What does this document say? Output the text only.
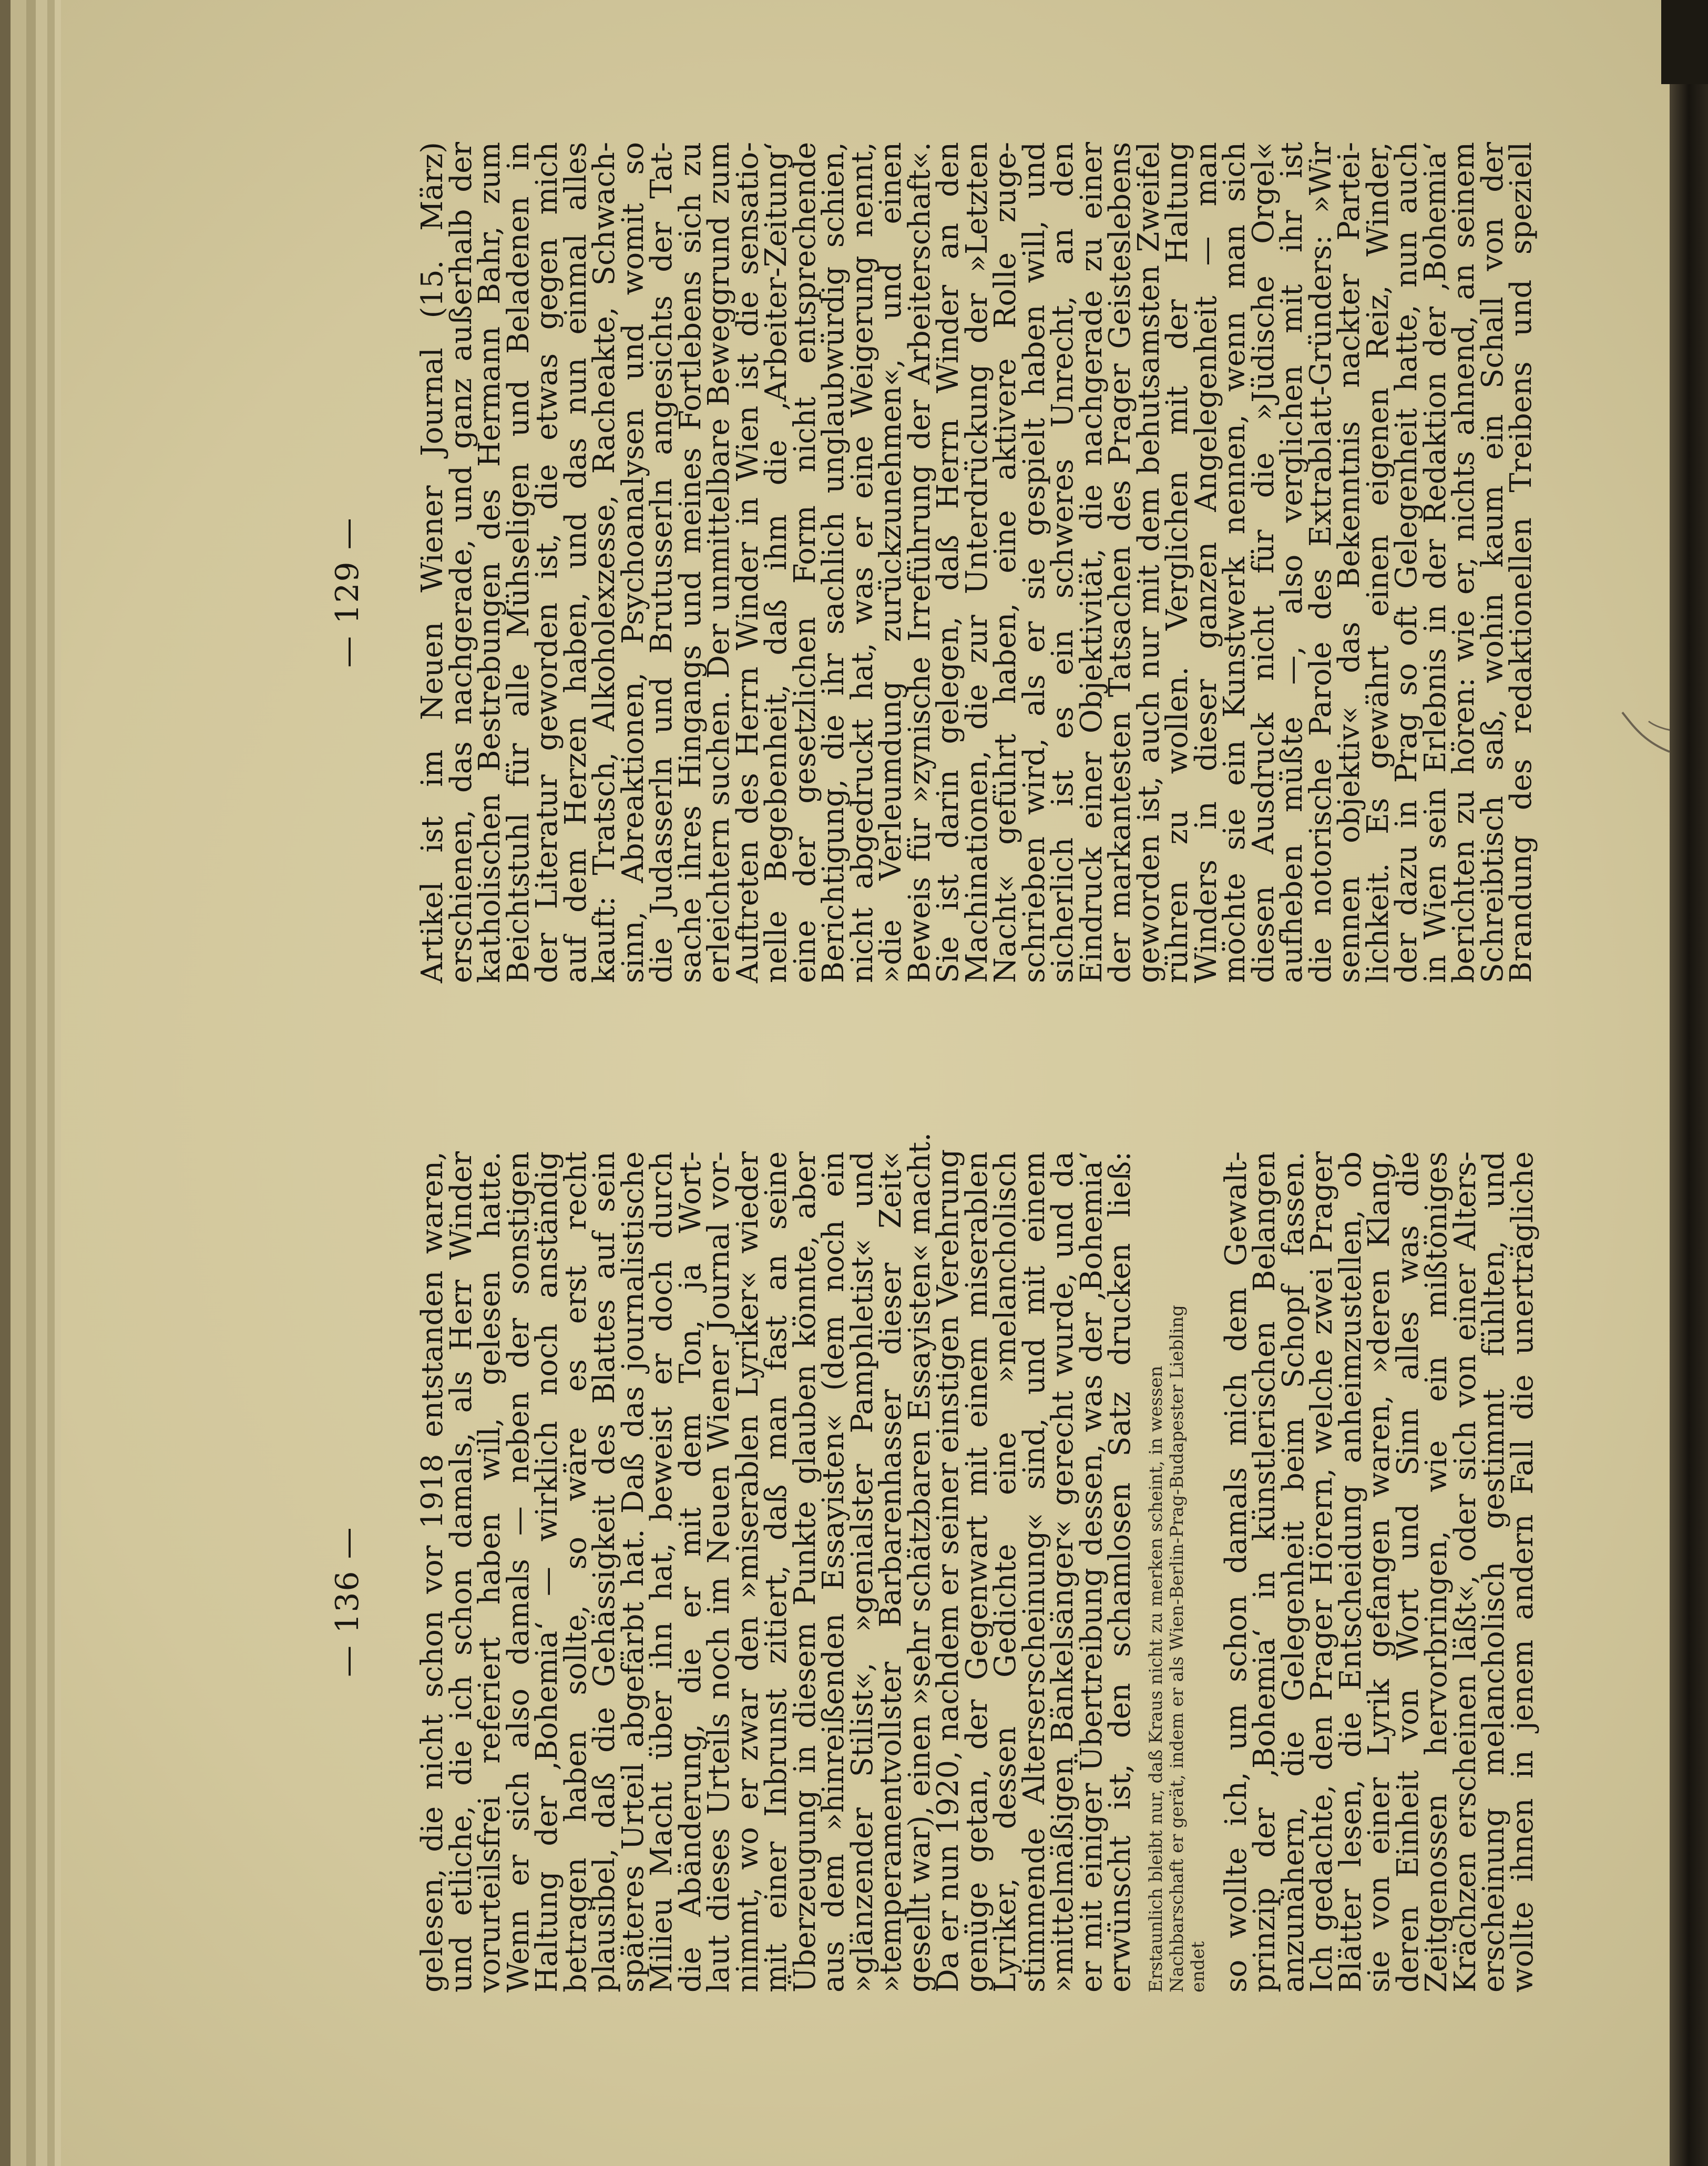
— 136 —
— 129 —
gelesen, die nicht schon vor 1918 entstanden waren,
und etliche, die ich schon damals, als Herr Winder
vorurteilsfrei referiert haben will, gelesen hatte.
Wenn er sich also damals — neben der sonstigen
Haltung der ‚Bohemia‘ — wirklich noch anständig
betragen haben sollte, so wäre es erst recht
plausibel, daß die Gehässigkeit des Blattes auf sein
späteres Urteil abgefärbt hat. Daß das journalistische
Milieu Macht über ihn hat, beweist er doch durch
die Abänderung, die er mit dem Ton, ja Wort-
laut dieses Urteils noch im Neuen Wiener Journal vor-
nimmt, wo er zwar den »miserablen Lyriker« wieder
mit einer Inbrunst zitiert, daß man fast an seine
Überzeugung in diesem Punkte glauben könnte, aber
aus dem »hinreißenden Essayisten« (dem noch ein
»glänzender Stilist«, »genialster Pamphletist« und
»temperamentvollster Barbarenhasser dieser Zeit«
gesellt war), einen »sehr schätzbaren Essayisten« macht.
Da er nun 1920, nachdem er seiner einstigen Verehrung
genüge getan, der Gegenwart mit einem miserablen
Lyriker, dessen Gedichte eine »melancholisch
stimmende Alterserscheinung« sind, und mit einem
»mittelmäßigen Bänkelsänger« gerecht wurde, und da
er mit einiger Übertreibung dessen, was der ‚Bohemia‘
erwünscht ist, den schamlosen Satz drucken ließ: Erstaunlich bleibt nur, daß Kraus nicht zu merken scheint, in wessen Nachbarschaft er gerät, indem er als Wien-Berlin-Prag-Budapester Liebling endet so wollte ich, um schon damals mich dem Gewalt-
prinzip der ‚Bohemia‘ in künstlerischen Belangen
anzunähern, die Gelegenheit beim Schopf fassen.
Ich gedachte, den Prager Hörern, welche zwei Prager
Blätter lesen, die Entscheidung anheimzustellen, ob
sie von einer Lyrik gefangen waren, »deren Klang,
deren Einheit von Wort und Sinn alles was die
Zeitgenossen hervorbringen, wie ein mißtöniges
Krächzen erscheinen läßt«, oder sich von einer Alters-
erscheinung melancholisch gestimmt fühlten, und
wollte ihnen in jenem andern Fall die unerträgliche
Artikel ist im Neuen Wiener Journal (15. März)
erschienen, das nachgerade, und ganz außerhalb der
katholischen Bestrebungen des Hermann Bahr, zum
Beichtstuhl für alle Mühseligen und Beladenen in
der Literatur geworden ist, die etwas gegen mich
auf dem Herzen haben, und das nun einmal alles
kauft: Tratsch, Alkoholexzesse, Racheakte, Schwach-
sinn, Abreaktionen, Psychoanalysen und womit so
die Judasserln und Brutusserln angesichts der Tat-
sache ihres Hingangs und meines Fortlebens sich zu
erleichtern suchen. Der unmittelbare Beweggrund zum
Auftreten des Herrn Winder in Wien ist die sensatio-
nelle Begebenheit, daß ihm die ‚Arbeiter-Zeitung‘
eine der gesetzlichen Form nicht entsprechende
Berichtigung, die ihr sachlich unglaubwürdig schien,
nicht abgedruckt hat, was er eine Weigerung nennt,
»die Verleumdung zurückzunehmen«, und einen
Beweis für »zynische Irreführung der Arbeiterschaft«.
Sie ist darin gelegen, daß Herrn Winder an den
Machinationen, die zur Unterdrückung der »Letzten
Nacht« geführt haben, eine aktivere Rolle zuge-
schrieben wird, als er sie gespielt haben will, und
sicherlich ist es ein schweres Unrecht, an den
Eindruck einer Objektivität, die nachgerade zu einer
der markantesten Tatsachen des Prager Geisteslebens
geworden ist, auch nur mit dem behutsamsten Zweifel
rühren zu wollen. Verglichen mit der Haltung
Winders in dieser ganzen Angelegenheit — man
möchte sie ein Kunstwerk nennen, wenn man sich
diesen Ausdruck nicht für die »Jüdische Orgel«
aufheben müßte —, also verglichen mit ihr ist
die notorische Parole des Extrablatt-Gründers: »Wir
sennen objektiv« das Bekenntnis nackter Partei-
lichkeit. Es gewährt einen eigenen Reiz, Winder,
der dazu in Prag so oft Gelegenheit hatte, nun auch
in Wien sein Erlebnis in der Redaktion der ‚Bohemia‘
berichten zu hören: wie er, nichts ahnend, an seinem
Schreibtisch saß, wohin kaum ein Schall von der
Brandung des redaktionellen Treibens und speziell
